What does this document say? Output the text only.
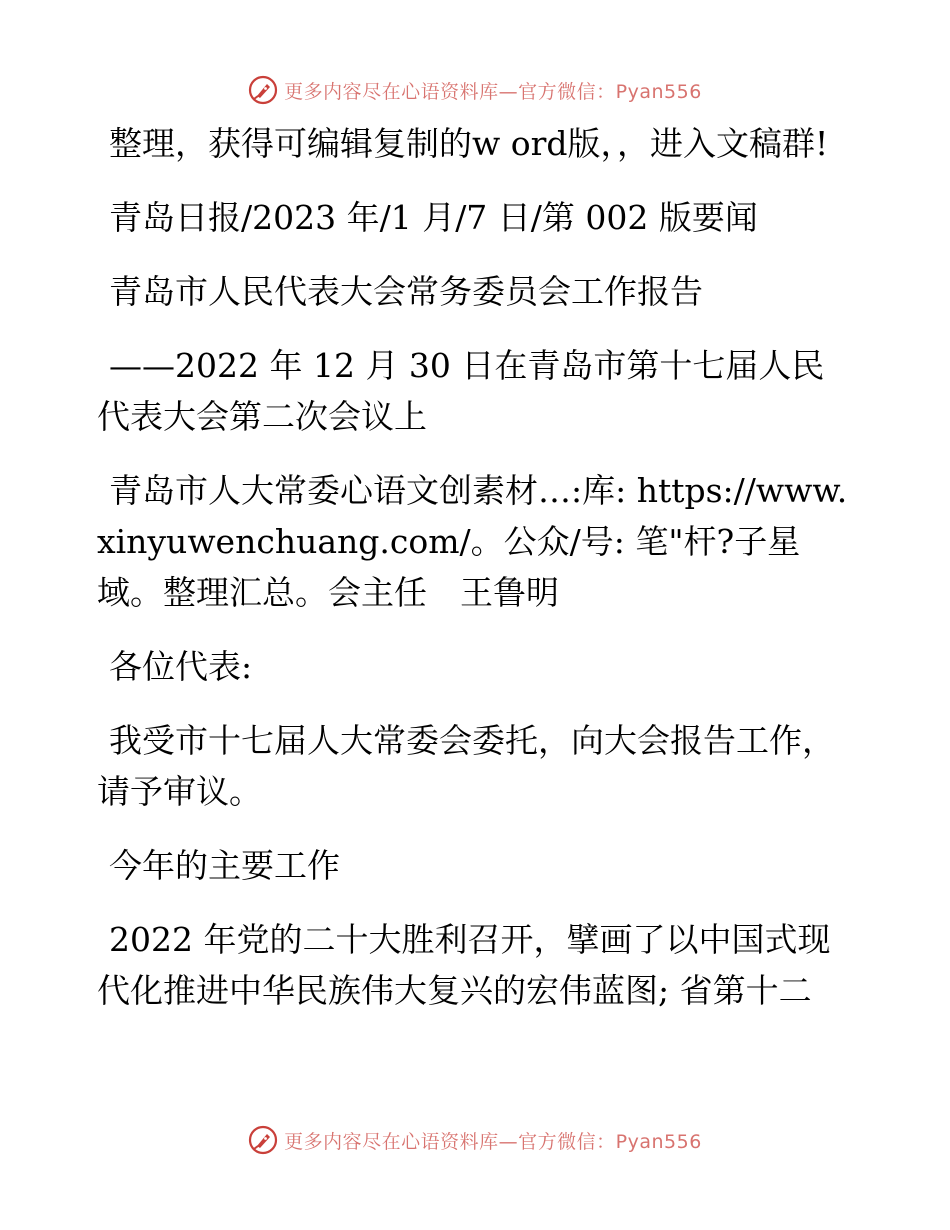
更多内容尽在心语资料库—官方微信：Pyan556

整理，获得可编辑复制的w ord版，，进入文稿群!

青岛日报/2023 年/1 月/7 日/第 002 版要闻

青岛市人民代表大会常务委员会工作报告

——2022 年 12 月 30 日在青岛市第十七届人民代表大会第二次会议上

青岛市人大常委心语文创素材…:库: https://www.xinyuwenchuang.com/。公众/号: 笔"杆?子星域。整理汇总。会主任　王鲁明

各位代表:

我受市十七届人大常委会委托，向大会报告工作，请予审议。

今年的主要工作

2022 年党的二十大胜利召开，擘画了以中国式现代化推进中华民族伟大复兴的宏伟蓝图; 省第十二

更多内容尽在心语资料库—官方微信：Pyan556
